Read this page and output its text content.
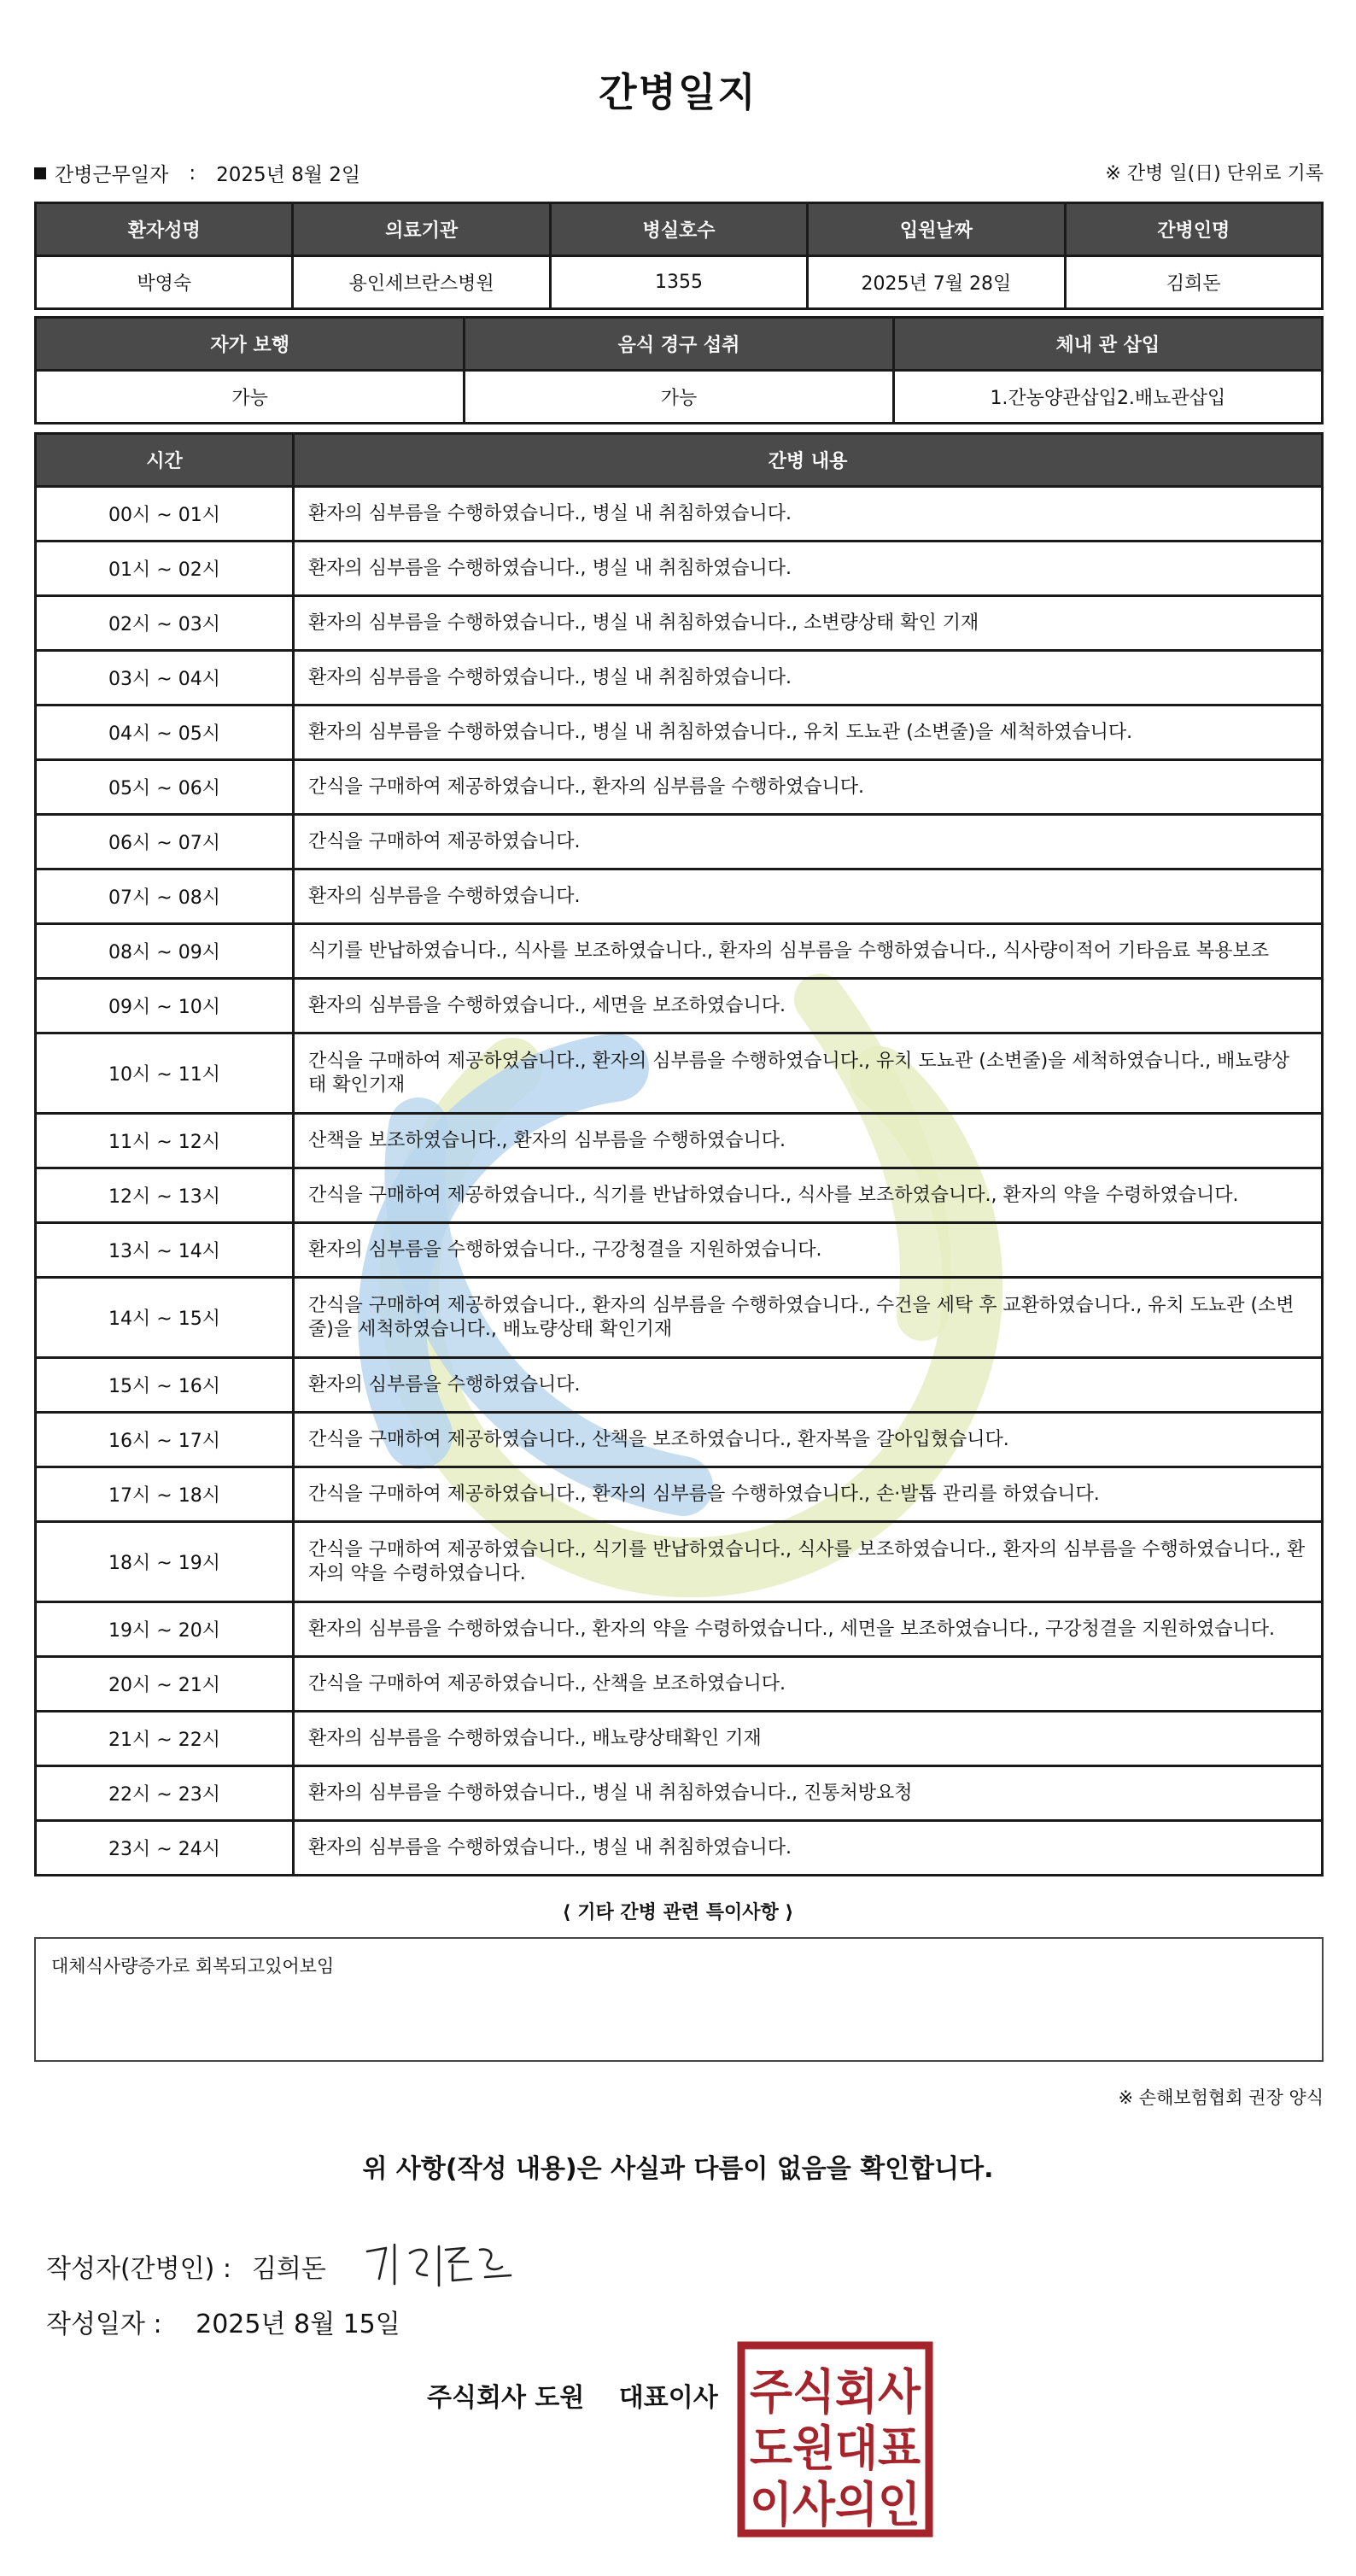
간병일지
간병근무일자 : 2025년 8월 2일	※ 간병 일(日) 단위로 기록
환자성명	의료기관	병실호수	입원날짜	간병인명
박영숙	용인세브란스병원	1355	2025년 7월 28일	김희돈
자가 보행	음식 경구 섭취	체내 관 삽입
가능	가능	1.간농양관삽입2.배뇨관삽입
시간	간병 내용
00시 ~ 01시	환자의 심부름을 수행하였습니다., 병실 내 취침하였습니다.
01시 ~ 02시	환자의 심부름을 수행하였습니다., 병실 내 취침하였습니다.
02시 ~ 03시	환자의 심부름을 수행하였습니다., 병실 내 취침하였습니다., 소변량상태 확인 기재
03시 ~ 04시	환자의 심부름을 수행하였습니다., 병실 내 취침하였습니다.
04시 ~ 05시	환자의 심부름을 수행하였습니다., 병실 내 취침하였습니다., 유치 도뇨관 (소변줄)을 세척하였습니다.
05시 ~ 06시	간식을 구매하여 제공하였습니다., 환자의 심부름을 수행하였습니다.
06시 ~ 07시	간식을 구매하여 제공하였습니다.
07시 ~ 08시	환자의 심부름을 수행하였습니다.
08시 ~ 09시	식기를 반납하였습니다., 식사를 보조하였습니다., 환자의 심부름을 수행하였습니다., 식사량이적어 기타음료 복용보조
09시 ~ 10시	환자의 심부름을 수행하였습니다., 세면을 보조하였습니다.
10시 ~ 11시	간식을 구매하여 제공하였습니다., 환자의 심부름을 수행하였습니다., 유치 도뇨관 (소변줄)을 세척하였습니다., 배뇨량상태 확인기재
11시 ~ 12시	산책을 보조하였습니다., 환자의 심부름을 수행하였습니다.
12시 ~ 13시	간식을 구매하여 제공하였습니다., 식기를 반납하였습니다., 식사를 보조하였습니다., 환자의 약을 수령하였습니다.
13시 ~ 14시	환자의 심부름을 수행하였습니다., 구강청결을 지원하였습니다.
14시 ~ 15시	간식을 구매하여 제공하였습니다., 환자의 심부름을 수행하였습니다., 수건을 세탁 후 교환하였습니다., 유치 도뇨관 (소변줄)을 세척하였습니다., 배뇨량상태 확인기재
15시 ~ 16시	환자의 심부름을 수행하였습니다.
16시 ~ 17시	간식을 구매하여 제공하였습니다., 산책을 보조하였습니다., 환자복을 갈아입혔습니다.
17시 ~ 18시	간식을 구매하여 제공하였습니다., 환자의 심부름을 수행하였습니다., 손·발톱 관리를 하였습니다.
18시 ~ 19시	간식을 구매하여 제공하였습니다., 식기를 반납하였습니다., 식사를 보조하였습니다., 환자의 심부름을 수행하였습니다., 환자의 약을 수령하였습니다.
19시 ~ 20시	환자의 심부름을 수행하였습니다., 환자의 약을 수령하였습니다., 세면을 보조하였습니다., 구강청결을 지원하였습니다.
20시 ~ 21시	간식을 구매하여 제공하였습니다., 산책을 보조하였습니다.
21시 ~ 22시	환자의 심부름을 수행하였습니다., 배뇨량상태확인 기재
22시 ~ 23시	환자의 심부름을 수행하였습니다., 병실 내 취침하였습니다., 진통처방요청
23시 ~ 24시	환자의 심부름을 수행하였습니다., 병실 내 취침하였습니다.
⟨ 기타 간병 관련 특이사항 ⟩
대체식사량증가로 회복되고있어보임
※ 손해보험협회 권장 양식
위 사항(작성 내용)은 사실과 다름이 없음을 확인합니다.
작성자(간병인) : 김희돈
작성일자 : 2025년 8월 15일
주식회사 도원 대표이사 주식회사
도원대표
이사의인
